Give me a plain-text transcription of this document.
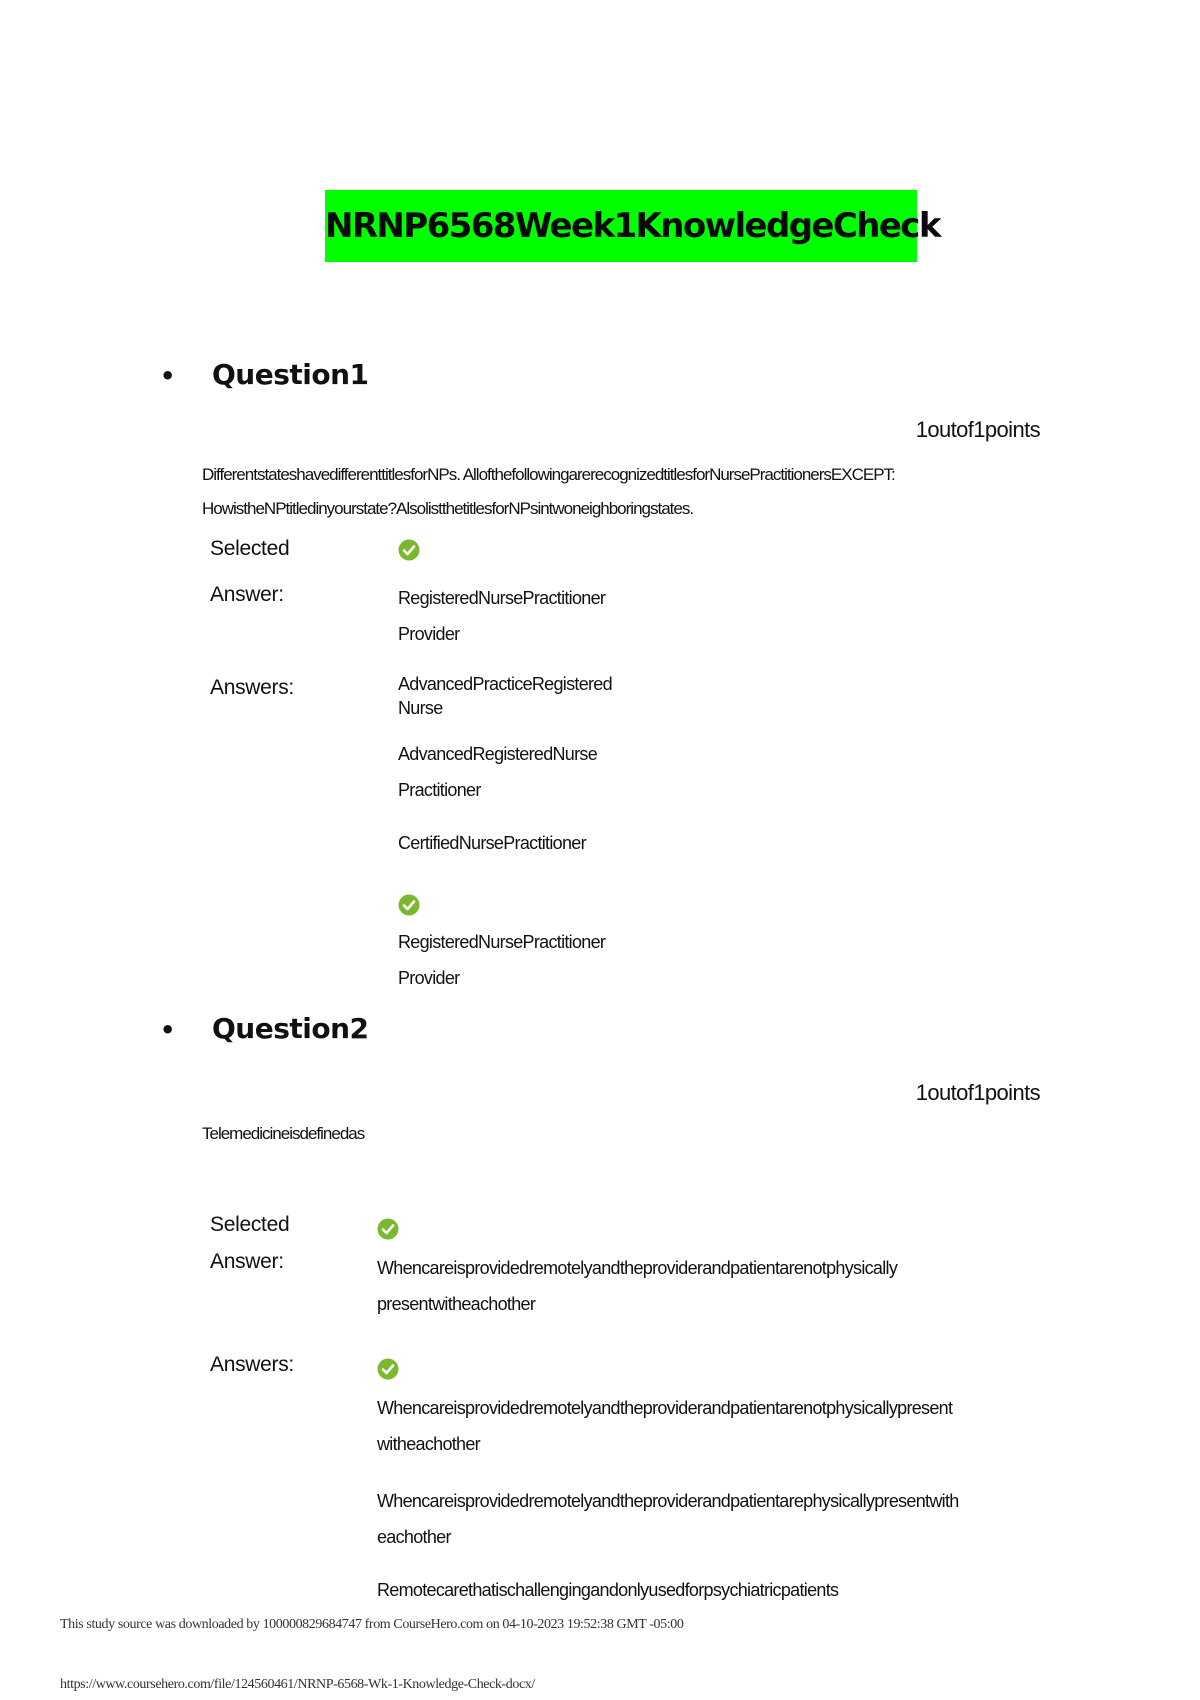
NRNP6568Week1KnowledgeCheck
• Question1
1outof1points
DifferentstateshavedifferenttitlesforNPs. AllofthefollowingarerecognizedtitlesforNursePractitionersEXCEPT:
HowistheNPtitledinyourstate?AlsolistthetitlesforNPsintwoneighboringstates.
Selected
Answer:	RegisteredNursePractitioner
Provider
Answers:	AdvancedPracticeRegistered
Nurse
AdvancedRegisteredNurse
Practitioner
CertifiedNursePractitioner
RegisteredNursePractitioner
Provider
• Question2
1outof1points
Telemedicineisdefinedas
Selected
Answer:	Whencareisprovidedremotelyandtheproviderandpatientarenotphysically
presentwitheachother
Answers:
Whencareisprovidedremotelyandtheproviderandpatientarenotphysicallypresent
witheachother
Whencareisprovidedremotelyandtheproviderandpatientarephysicallypresentwith
eachother
Remotecarethatischallengingandonlyusedforpsychiatricpatients
This study source was downloaded by 100000829684747 from CourseHero.com on 04-10-2023 19:52:38 GMT -05:00
https://www.coursehero.com/file/124560461/NRNP-6568-Wk-1-Knowledge-Check-docx/
